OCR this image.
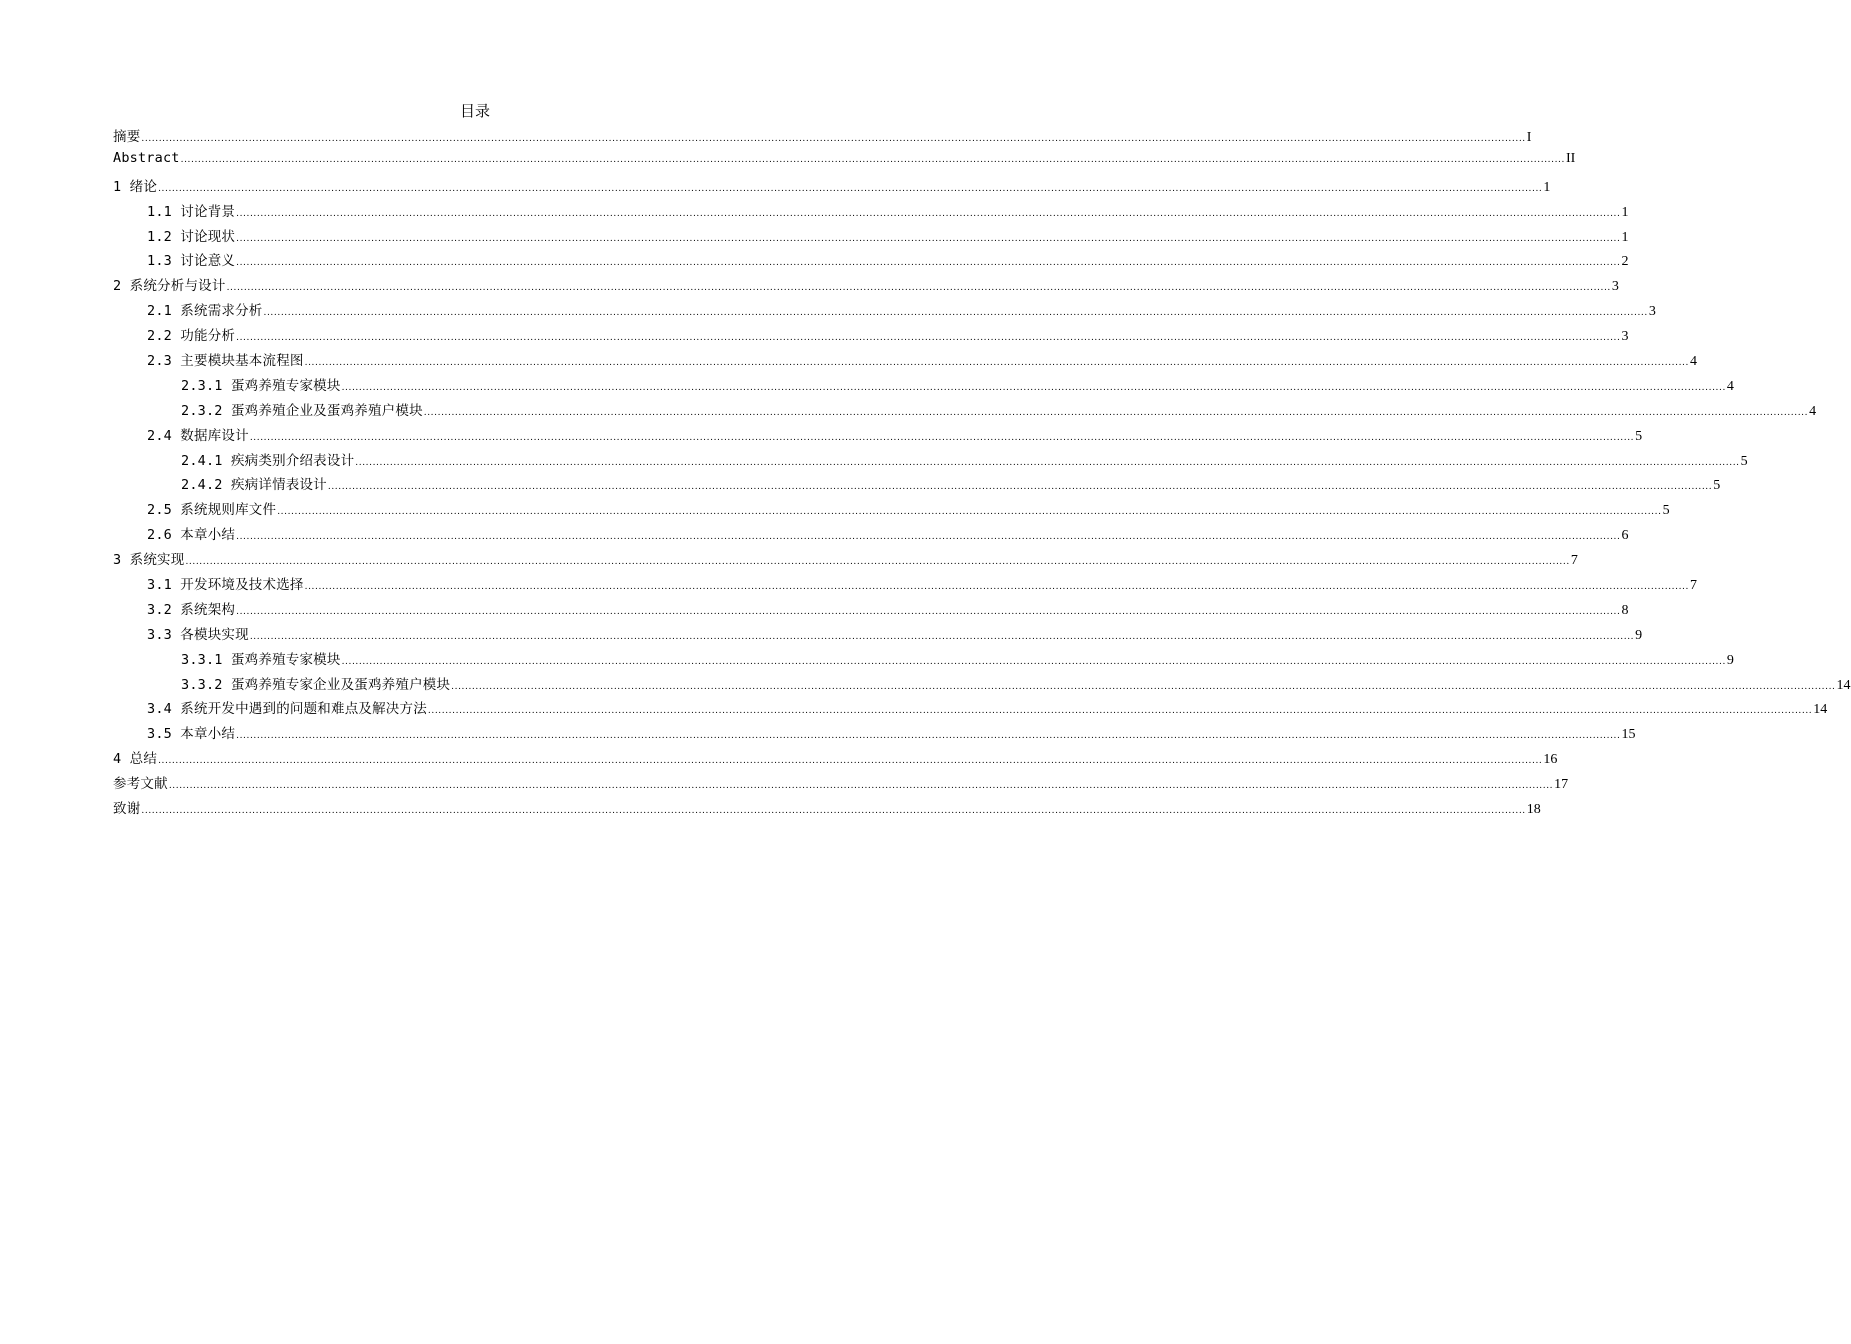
目录
摘要 ................................................................................................................................................................................................................................................................................................................................................................................................................ I
Abstract ................................................................................................................................................................................................................................................................................................................................................................................................................ II
1 绪论 ................................................................................................................................................................................................................................................................................................................................................................................................................ 1
1.1 讨论背景 ................................................................................................................................................................................................................................................................................................................................................................................................................ 1
1.2 讨论现状 ................................................................................................................................................................................................................................................................................................................................................................................................................ 1
1.3 讨论意义 ................................................................................................................................................................................................................................................................................................................................................................................................................ 2
2 系统分析与设计 ................................................................................................................................................................................................................................................................................................................................................................................................................ 3
2.1 系统需求分析 ................................................................................................................................................................................................................................................................................................................................................................................................................ 3
2.2 功能分析 ................................................................................................................................................................................................................................................................................................................................................................................................................ 3
2.3 主要模块基本流程图 ................................................................................................................................................................................................................................................................................................................................................................................................................ 4
2.3.1 蛋鸡养殖专家模块 ................................................................................................................................................................................................................................................................................................................................................................................................................ 4
2.3.2 蛋鸡养殖企业及蛋鸡养殖户模块 ................................................................................................................................................................................................................................................................................................................................................................................................................ 4
2.4 数据库设计 ................................................................................................................................................................................................................................................................................................................................................................................................................ 5
2.4.1 疾病类别介绍表设计 ................................................................................................................................................................................................................................................................................................................................................................................................................ 5
2.4.2 疾病详情表设计 ................................................................................................................................................................................................................................................................................................................................................................................................................ 5
2.5 系统规则库文件 ................................................................................................................................................................................................................................................................................................................................................................................................................ 5
2.6 本章小结 ................................................................................................................................................................................................................................................................................................................................................................................................................ 6
3 系统实现 ................................................................................................................................................................................................................................................................................................................................................................................................................ 7
3.1 开发环境及技术选择 ................................................................................................................................................................................................................................................................................................................................................................................................................ 7
3.2 系统架构 ................................................................................................................................................................................................................................................................................................................................................................................................................ 8
3.3 各模块实现 ................................................................................................................................................................................................................................................................................................................................................................................................................ 9
3.3.1 蛋鸡养殖专家模块 ................................................................................................................................................................................................................................................................................................................................................................................................................ 9
3.3.2 蛋鸡养殖专家企业及蛋鸡养殖户模块 ................................................................................................................................................................................................................................................................................................................................................................................................................ 14
3.4 系统开发中遇到的问题和难点及解决方法 ................................................................................................................................................................................................................................................................................................................................................................................................................ 14
3.5 本章小结 ................................................................................................................................................................................................................................................................................................................................................................................................................ 15
4 总结 ................................................................................................................................................................................................................................................................................................................................................................................................................ 16
参考文献 ................................................................................................................................................................................................................................................................................................................................................................................................................ 17
致谢 ................................................................................................................................................................................................................................................................................................................................................................................................................ 18
